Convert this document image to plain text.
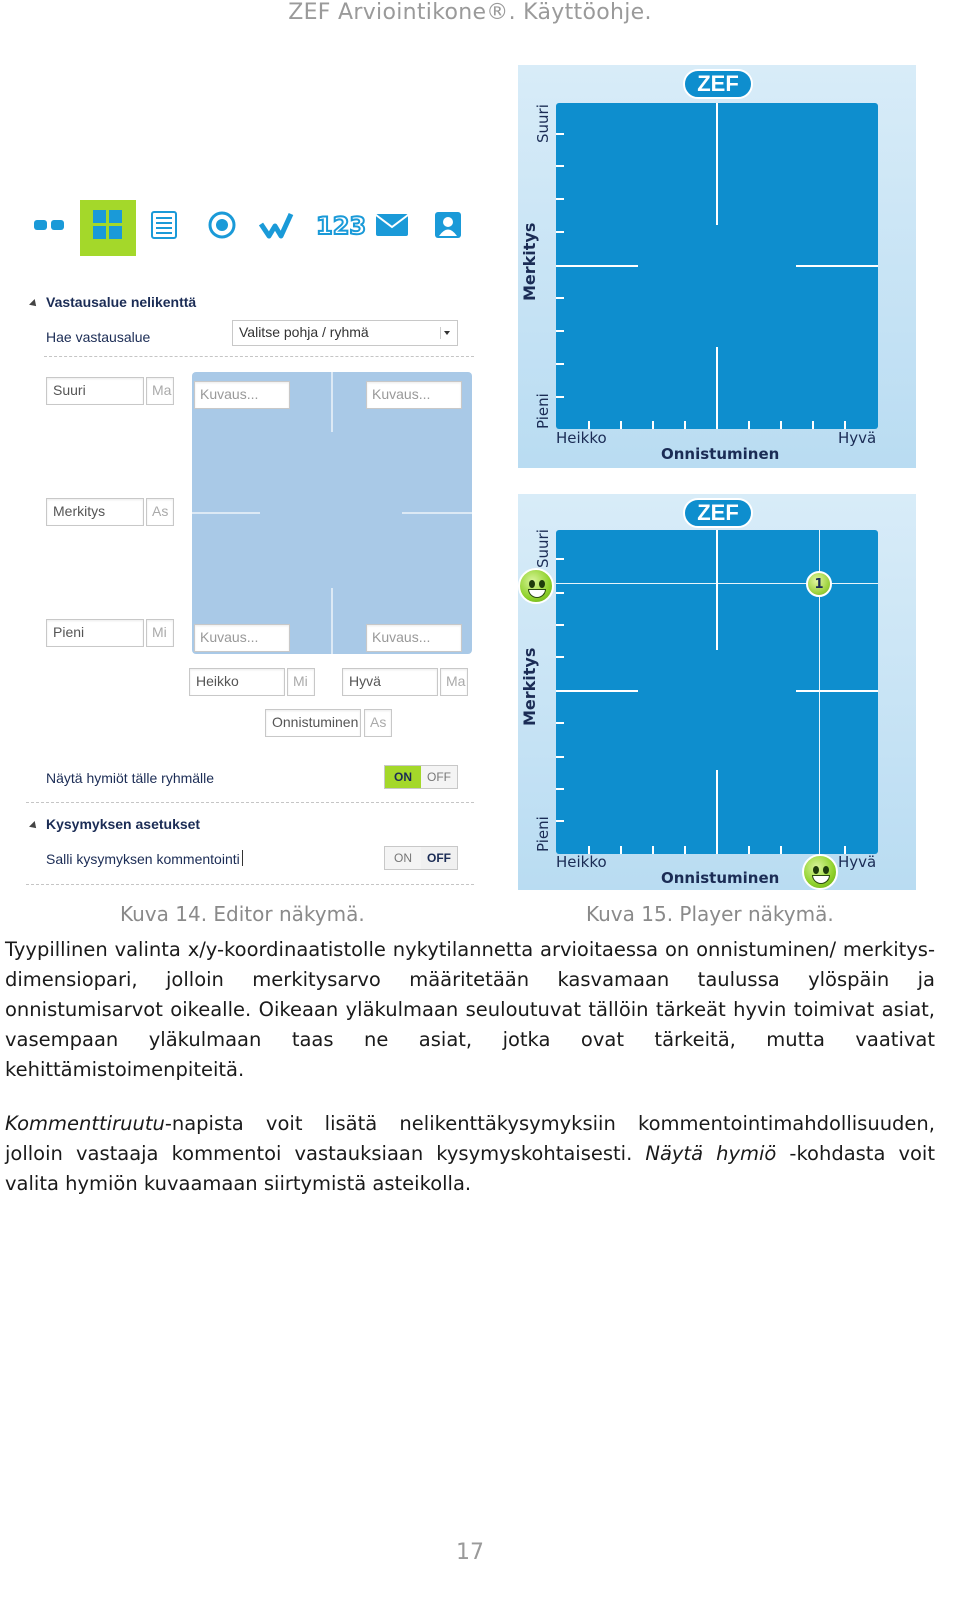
ZEF Arviointikone®. Käyttöohje.
123
Vastausalue nelikenttä
Hae vastausalue	Valitse pohja / ryhmä
Suuri	Ma
Merkitys	As
Pieni	Mi
Kuvaus...	Kuvaus...
Kuvaus...	Kuvaus...
Heikko	Mi	Hyvä	Ma
Onnistuminen As
Näytä hymiöt tälle ryhmälle	ON	OFF
Kysymyksen asetukset
Salli kysymyksen kommentointi	ON	OFF
ZEF
Suuri
Merkitys
Pieni
Heikko
Onnistuminen
Hyvä
ZEF
Suuri
Merkitys
Pieni
Heikko
Onnistuminen
Hyvä
1
Kuva 14. Editor näkymä.	Kuva 15. Player näkymä.
Tyypillinen valinta x/y-koordinaatistolle nykytilannetta arvioitaessa on onnistuminen/ merkitys-dimensiopari, jolloin merkitysarvo määritetään kasvamaan taulussa ylöspäin ja onnistumisarvot oikealle. Oikeaan yläkulmaan seuloutuvat tällöin tärkeät hyvin toimivat asiat, vasempaan yläkulmaan taas ne asiat, jotka ovat tärkeitä, mutta vaativat kehittämistoimenpiteitä.
Kommenttiruutu-napista voit lisätä nelikenttäkysymyksiin kommentointimahdollisuuden, jolloin vastaaja kommentoi vastauksiaan kysymyskohtaisesti. Näytä hymiö -kohdasta voit valita hymiön kuvaamaan siirtymistä asteikolla.
17
